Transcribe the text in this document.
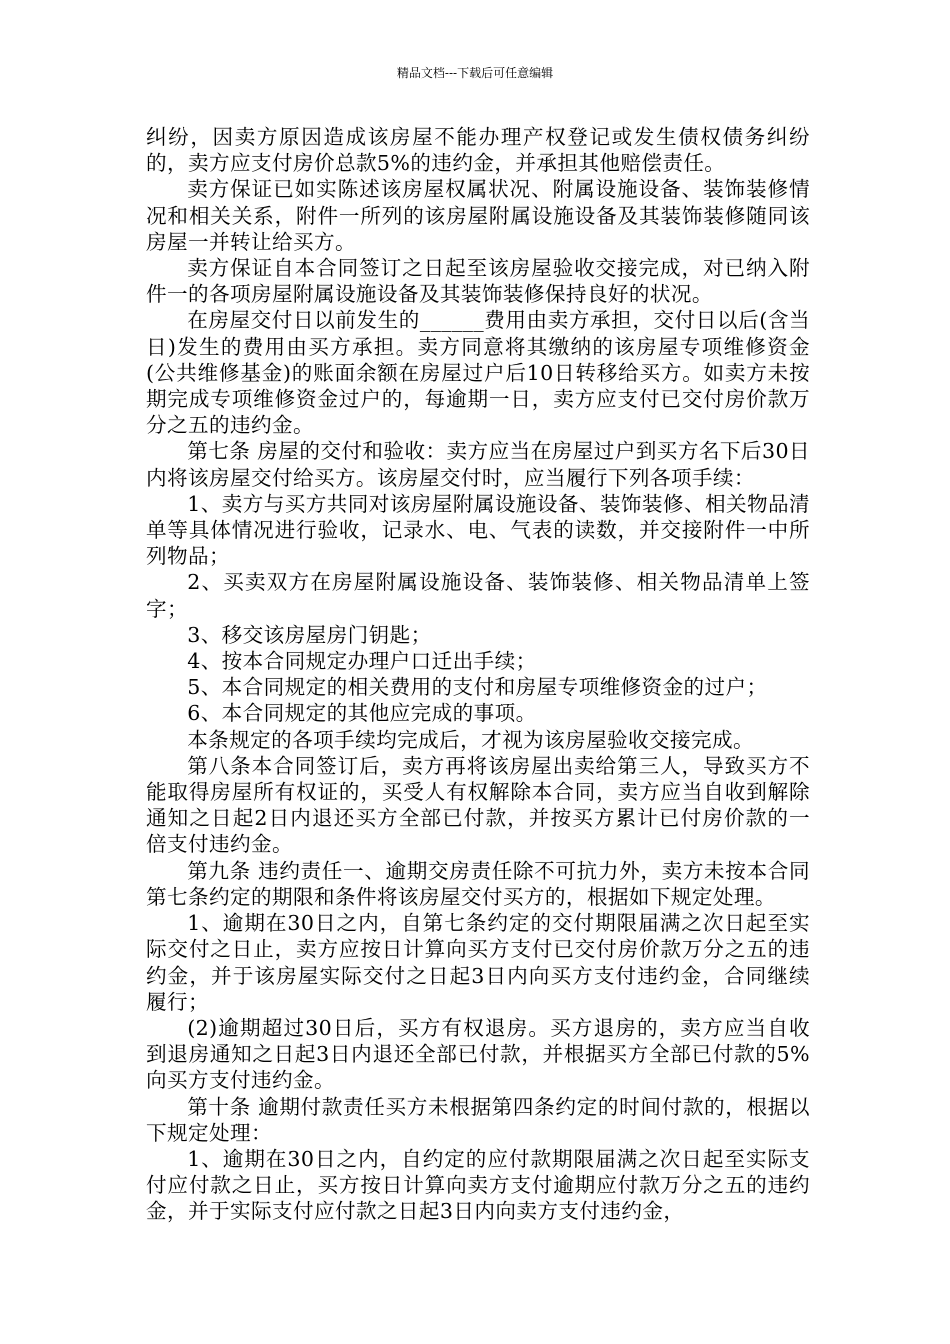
精品文档---下载后可任意编辑

纠纷，因卖方原因造成该房屋不能办理产权登记或发生债权债务纠纷的，卖方应支付房价总款5%的违约金，并承担其他赔偿责任。

卖方保证已如实陈述该房屋权属状况、附属设施设备、装饰装修情况和相关关系，附件一所列的该房屋附属设施设备及其装饰装修随同该房屋一并转让给买方。

卖方保证自本合同签订之日起至该房屋验收交接完成，对已纳入附件一的各项房屋附属设施设备及其装饰装修保持良好的状况。

在房屋交付日以前发生的______费用由卖方承担，交付日以后(含当日)发生的费用由买方承担。卖方同意将其缴纳的该房屋专项维修资金(公共维修基金)的账面余额在房屋过户后10日转移给买方。如卖方未按期完成专项维修资金过户的，每逾期一日，卖方应支付已交付房价款万分之五的违约金。

第七条 房屋的交付和验收：卖方应当在房屋过户到买方名下后30日内将该房屋交付给买方。该房屋交付时，应当履行下列各项手续：

1、卖方与买方共同对该房屋附属设施设备、装饰装修、相关物品清单等具体情况进行验收，记录水、电、气表的读数，并交接附件一中所列物品；

2、买卖双方在房屋附属设施设备、装饰装修、相关物品清单上签字；

3、移交该房屋房门钥匙；

4、按本合同规定办理户口迁出手续；

5、本合同规定的相关费用的支付和房屋专项维修资金的过户；

6、本合同规定的其他应完成的事项。

本条规定的各项手续均完成后，才视为该房屋验收交接完成。

第八条本合同签订后，卖方再将该房屋出卖给第三人，导致买方不能取得房屋所有权证的，买受人有权解除本合同，卖方应当自收到解除通知之日起2日内退还买方全部已付款，并按买方累计已付房价款的一倍支付违约金。

第九条 违约责任一、逾期交房责任除不可抗力外，卖方未按本合同第七条约定的期限和条件将该房屋交付买方的，根据如下规定处理。

1、逾期在30日之内，自第七条约定的交付期限届满之次日起至实际交付之日止，卖方应按日计算向买方支付已交付房价款万分之五的违约金，并于该房屋实际交付之日起3日内向买方支付违约金，合同继续履行；

(2)逾期超过30日后，买方有权退房。买方退房的，卖方应当自收到退房通知之日起3日内退还全部已付款，并根据买方全部已付款的5%向买方支付违约金。

第十条 逾期付款责任买方未根据第四条约定的时间付款的，根据以下规定处理：

1、逾期在30日之内，自约定的应付款期限届满之次日起至实际支付应付款之日止，买方按日计算向卖方支付逾期应付款万分之五的违约金，并于实际支付应付款之日起3日内向卖方支付违约金，
